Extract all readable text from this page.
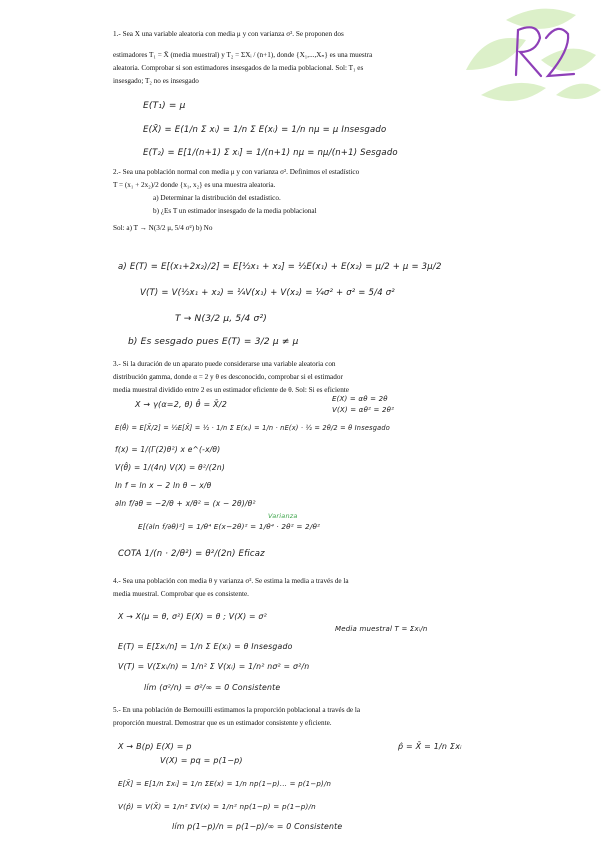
1.- Sea X una variable aleatoria con media μ y con varianza σ². Se proponen dos

estimadores T₁ = X̄ (media muestral) y T₂ = ΣXᵢ / (n+1), donde {X₁,...,Xₙ} es una muestra

aleatoria. Comprobar si son estimadores insesgados de la media poblacional. Sol: T₁ es

insesgado; T₂ no es insesgado

E(T₁) = μ
E(X̄) = E(1/n Σ xᵢ) = 1/n Σ E(xᵢ) = 1/n nμ = μ Insesgado
E(T₂) = E[1/(n+1) Σ xᵢ] = 1/(n+1) nμ = nμ/(n+1) Sesgado

2.- Sea una población normal con media μ y con varianza σ². Definimos el estadístico

T = (x₁ + 2x₂)/2 donde {x₁, x₂} es una muestra aleatoria.

a) Determinar la distribución del estadístico.

b) ¿Es T un estimador insesgado de la media poblacional

Sol: a) T → N(3/2 μ, 5/4 σ²) b) No

a) E(T) = E[(x₁+2x₂)/2] = E[½x₁ + x₂] = ½E(x₁) + E(x₂) = μ/2 + μ = 3μ/2
V(T) = V(½x₁ + x₂) = ¼V(x₁) + V(x₂) = ¼σ² + σ² = 5/4 σ²
T → N(3/2 μ, 5/4 σ²)
b) Es sesgado pues E(T) = 3/2 μ ≠ μ

3.- Si la duración de un aparato puede considerarse una variable aleatoria con

distribución gamma, donde α = 2 y θ es desconocido, comprobar si el estimador

media muestral dividido entre 2 es un estimador eficiente de θ. Sol: Si es eficiente

X → γ(α=2, θ) θ̂ = X̄/2
E(X) = αθ = 2θ
V(X) = αθ² = 2θ²
E(θ̂) = E[X̄/2] = ½E[X̄] = ½ · 1/n Σ E(xᵢ) = 1/n · nE(x) · ½ = 2θ/2 = θ Insesgado
f(x) = 1/(Γ(2)θ²) x e^(-x/θ)
V(θ̂) = 1/(4n) V(X) = θ²/(2n)
ln f = ln x − 2 ln θ − x/θ
∂ln f/∂θ = −2/θ + x/θ² = (x − 2θ)/θ²
E[(∂ln f/∂θ)²] = 1/θ⁴ E(x−2θ)² = 1/θ⁴ · 2θ² = 2/θ²
Varianza
COTA 1/(n · 2/θ²) = θ²/(2n) Eficaz

4.- Sea una población con media θ y varianza σ². Se estima la media a través de la

media muestral. Comprobar que es consistente.

X → X(μ = θ, σ²) E(X) = θ ; V(X) = σ²
Media muestral T = Σxᵢ/n
E(T) = E[Σxᵢ/n] = 1/n Σ E(xᵢ) = θ Insesgado
V(T) = V(Σxᵢ/n) = 1/n² Σ V(xᵢ) = 1/n² nσ² = σ²/n
lím (σ²/n) = σ²/∞ = 0 Consistente

5.- En una población de Bernouilli estimamos la proporción poblacional a través de la

proporción muestral. Demostrar que es un estimador consistente y eficiente.

X → B(p) E(X) = p
V(X) = pq = p(1−p)
p̂ = X̄ = 1/n Σxᵢ
E[X̄] = E[1/n Σxᵢ] = 1/n ΣE(x) = 1/n np(1−p)... = p(1−p)/n
V(p̂) = V(X̄) = 1/n² ΣV(x) = 1/n² np(1−p) = p(1−p)/n
lím p(1−p)/n = p(1−p)/∞ = 0 Consistente
